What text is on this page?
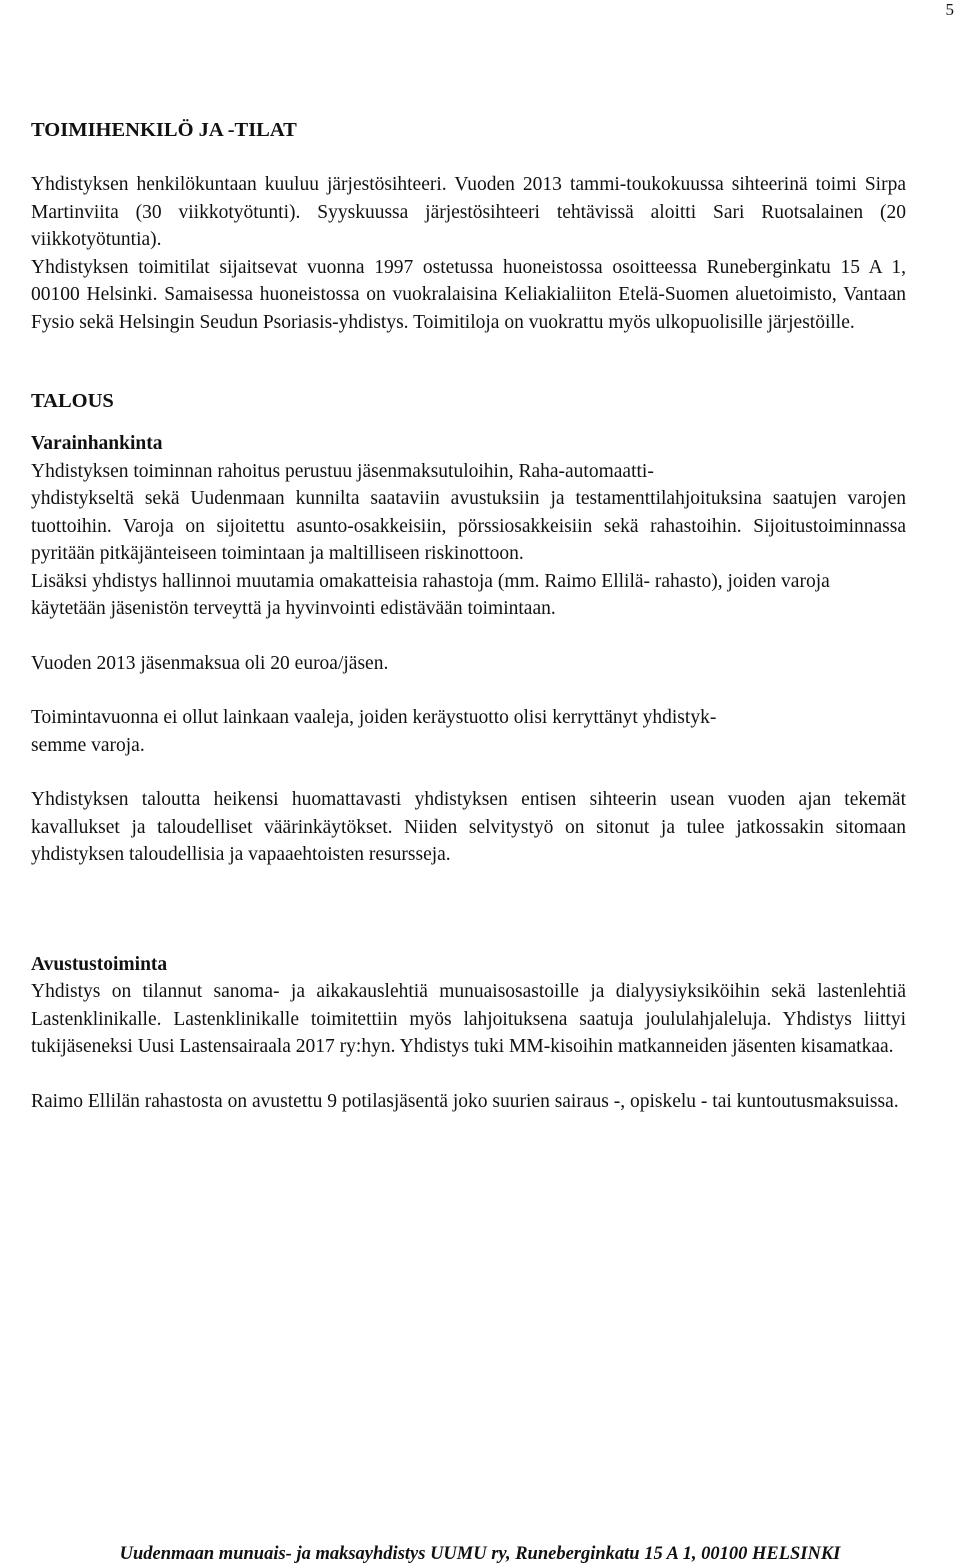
5

TOIMIHENKILÖ JA -TILAT

Yhdistyksen henkilökuntaan kuuluu järjestösihteeri. Vuoden 2013 tammi-toukokuussa sihteerinä toimi Sirpa Martinviita (30 viikkotyötunti). Syyskuussa järjestösihteeri tehtävissä aloitti Sari Ruotsalainen (20 viikkotyötuntia).

Yhdistyksen toimitilat sijaitsevat vuonna 1997 ostetussa huoneistossa osoitteessa Runeberginkatu 15 A 1, 00100 Helsinki. Samaisessa huoneistossa on vuokralaisina Keliakialiiton Etelä-Suomen aluetoimisto, Vantaan Fysio sekä Helsingin Seudun Psoriasis-yhdistys. Toimitiloja on vuokrattu myös ulkopuolisille järjestöille.

TALOUS

Varainhankinta

Yhdistyksen toiminnan rahoitus perustuu jäsenmaksutuloihin, Raha-automaatti-

yhdistykseltä sekä Uudenmaan kunnilta saataviin avustuksiin ja testamenttilahjoituksina saatujen varojen tuottoihin. Varoja on sijoitettu asunto-osakkeisiin, pörssiosakkeisiin sekä rahastoihin. Sijoitustoiminnassa pyritään pitkäjänteiseen toimintaan ja maltilliseen riskinottoon.

Lisäksi yhdistys hallinnoi muutamia omakatteisia rahastoja (mm. Raimo Ellilä- rahasto), joiden varoja käytetään jäsenistön terveyttä ja hyvinvointi edistävään toimintaan.

Vuoden 2013 jäsenmaksua oli 20 euroa/jäsen.

Toimintavuonna ei ollut lainkaan vaaleja, joiden keräystuotto olisi kerryttänyt yhdistyk-

semme varoja.

Yhdistyksen taloutta heikensi huomattavasti yhdistyksen entisen sihteerin usean vuoden ajan tekemät kavallukset ja taloudelliset väärinkäytökset. Niiden selvitystyö on sitonut ja tulee jatkossakin sitomaan yhdistyksen taloudellisia ja vapaaehtoisten resursseja.

Avustustoiminta

Yhdistys on tilannut sanoma- ja aikakauslehtiä munuaisosastoille ja dialyysiyksiköihin sekä lastenlehtiä Lastenklinikalle. Lastenklinikalle toimitettiin myös lahjoituksena saatuja joululahjaleluja. Yhdistys liittyi tukijäseneksi Uusi Lastensairaala 2017 ry:hyn. Yhdistys tuki MM-kisoihin matkanneiden jäsenten kisamatkaa.

Raimo Ellilän rahastosta on avustettu 9 potilasjäsentä joko suurien sairaus -, opiskelu - tai kuntoutusmaksuissa.

Uudenmaan munuais- ja maksayhdistys UUMU ry, Runeberginkatu 15 A 1, 00100 HELSINKI
